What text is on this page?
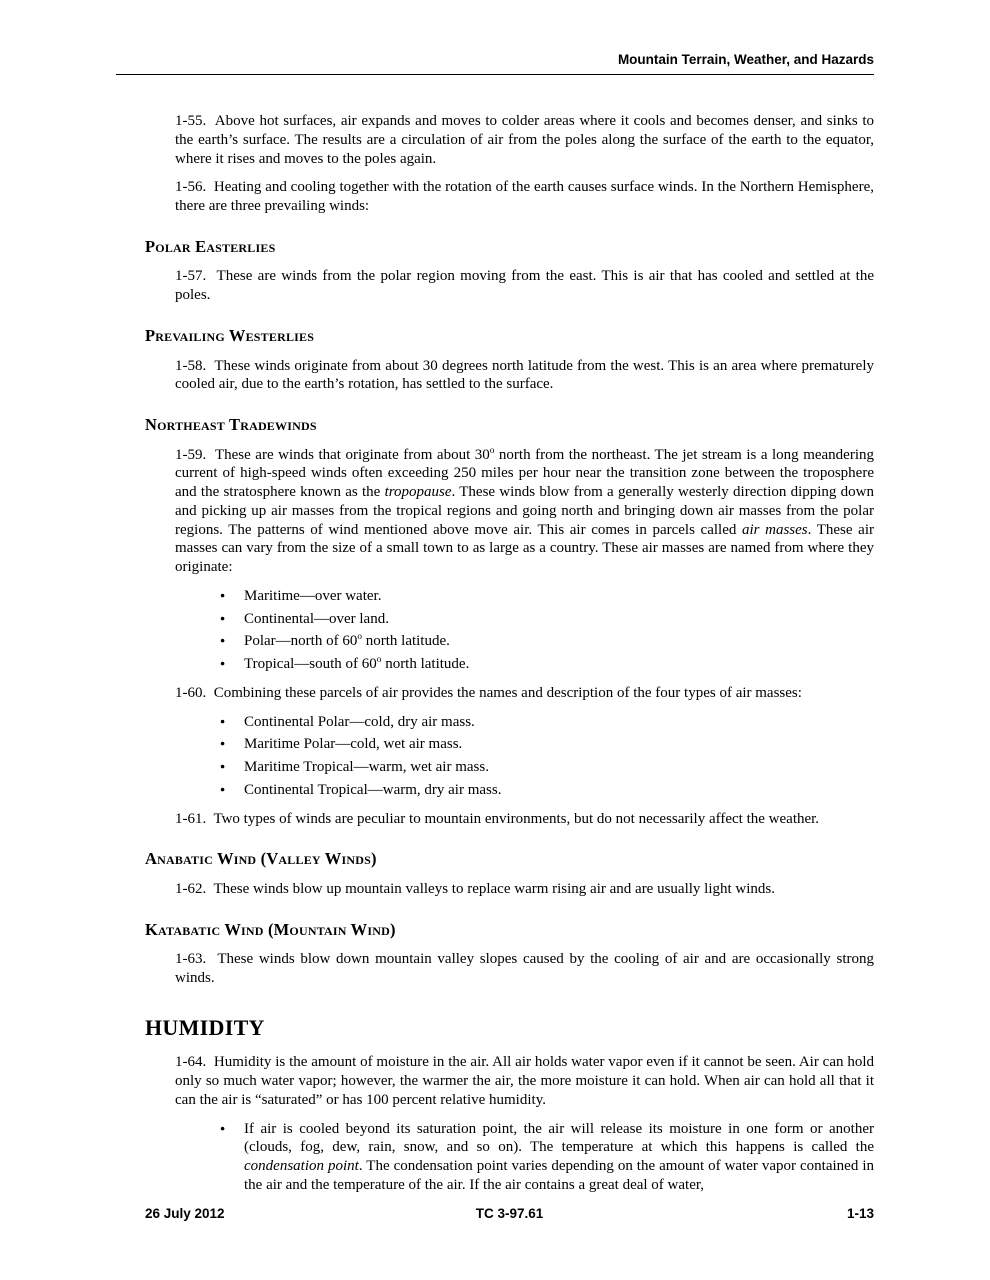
Mountain Terrain, Weather, and Hazards

1-55.  Above hot surfaces, air expands and moves to colder areas where it cools and becomes denser, and sinks to the earth’s surface. The results are a circulation of air from the poles along the surface of the earth to the equator, where it rises and moves to the poles again.

1-56.  Heating and cooling together with the rotation of the earth causes surface winds. In the Northern Hemisphere, there are three prevailing winds:

Polar Easterlies

1-57.  These are winds from the polar region moving from the east. This is air that has cooled and settled at the poles.

Prevailing Westerlies

1-58.  These winds originate from about 30 degrees north latitude from the west. This is an area where prematurely cooled air, due to the earth’s rotation, has settled to the surface.

Northeast Tradewinds

1-59.  These are winds that originate from about 30$^o$ north from the northeast. The jet stream is a long meandering current of high-speed winds often exceeding 250 miles per hour near the transition zone between the troposphere and the stratosphere known as the tropopause. These winds blow from a generally westerly direction dipping down and picking up air masses from the tropical regions and going north and bringing down air masses from the polar regions. The patterns of wind mentioned above move air. This air comes in parcels called air masses. These air masses can vary from the size of a small town to as large as a country. These air masses are named from where they originate:

● Maritime—over water.
● Continental—over land.
● Polar—north of 60$^o$ north latitude.
● Tropical—south of 60$^o$ north latitude.

1-60.  Combining these parcels of air provides the names and description of the four types of air masses:

● Continental Polar—cold, dry air mass.
● Maritime Polar—cold, wet air mass.
● Maritime Tropical—warm, wet air mass.
● Continental Tropical—warm, dry air mass.

1-61.  Two types of winds are peculiar to mountain environments, but do not necessarily affect the weather.

Anabatic Wind (Valley Winds)

1-62.  These winds blow up mountain valleys to replace warm rising air and are usually light winds.

Katabatic Wind (Mountain Wind)

1-63.  These winds blow down mountain valley slopes caused by the cooling of air and are occasionally strong winds.

HUMIDITY

1-64.  Humidity is the amount of moisture in the air. All air holds water vapor even if it cannot be seen. Air can hold only so much water vapor; however, the warmer the air, the more moisture it can hold. When air can hold all that it can the air is “saturated” or has 100 percent relative humidity.

● If air is cooled beyond its saturation point, the air will release its moisture in one form or another (clouds, fog, dew, rain, snow, and so on). The temperature at which this happens is called the condensation point. The condensation point varies depending on the amount of water vapor contained in the air and the temperature of the air. If the air contains a great deal of water,
26 July 2012	TC 3-97.61	1-13
